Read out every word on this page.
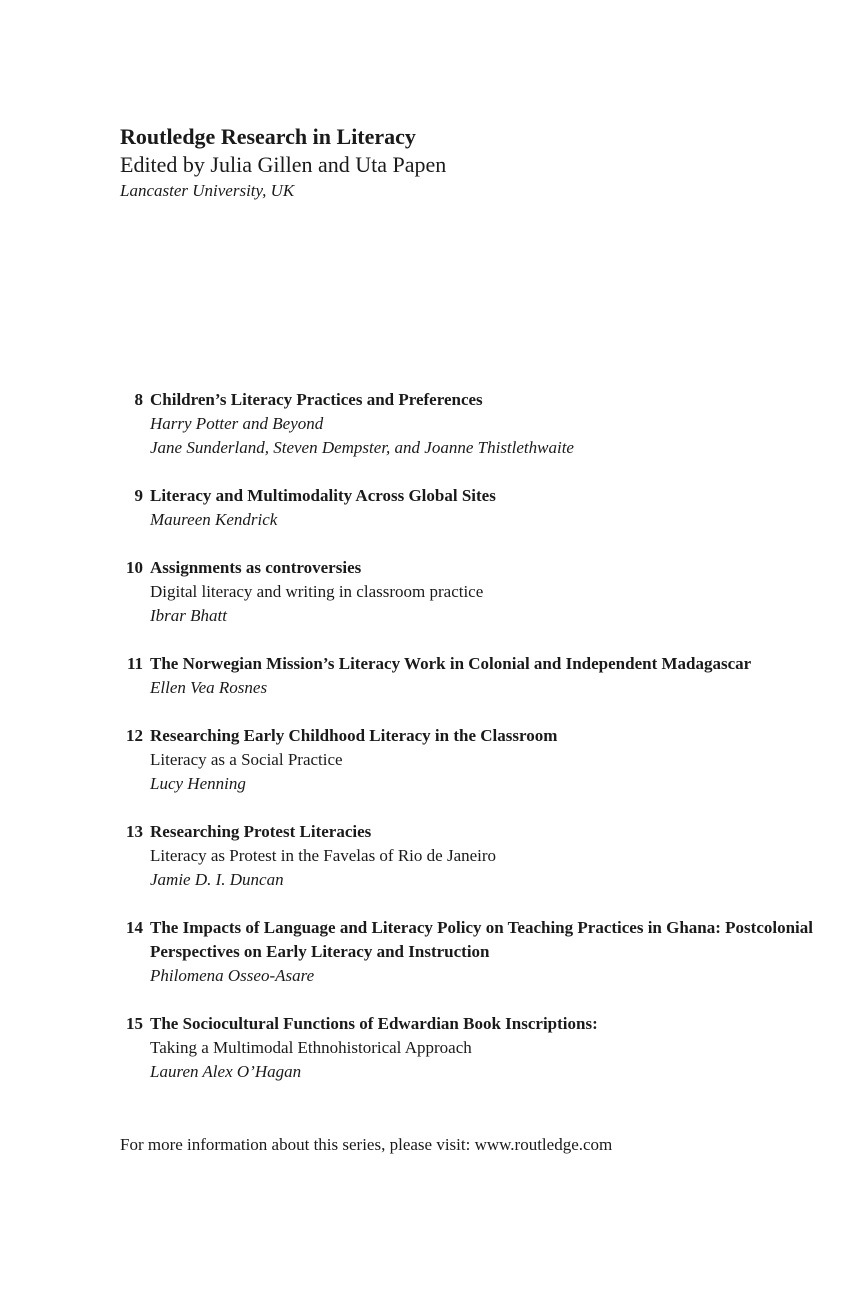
Routledge Research in Literacy
Edited by Julia Gillen and Uta Papen
Lancaster University, UK
8 Children’s Literacy Practices and Preferences
Harry Potter and Beyond
Jane Sunderland, Steven Dempster, and Joanne Thistlethwaite
9 Literacy and Multimodality Across Global Sites
Maureen Kendrick
10 Assignments as controversies
Digital literacy and writing in classroom practice
Ibrar Bhatt
11 The Norwegian Mission’s Literacy Work in Colonial and Independent Madagascar
Ellen Vea Rosnes
12 Researching Early Childhood Literacy in the Classroom
Literacy as a Social Practice
Lucy Henning
13 Researching Protest Literacies
Literacy as Protest in the Favelas of Rio de Janeiro
Jamie D. I. Duncan
14 The Impacts of Language and Literacy Policy on Teaching Practices in Ghana: Postcolonial Perspectives on Early Literacy and Instruction
Philomena Osseo-Asare
15 The Sociocultural Functions of Edwardian Book Inscriptions:
Taking a Multimodal Ethnohistorical Approach
Lauren Alex O’Hagan
For more information about this series, please visit: www.routledge.com
